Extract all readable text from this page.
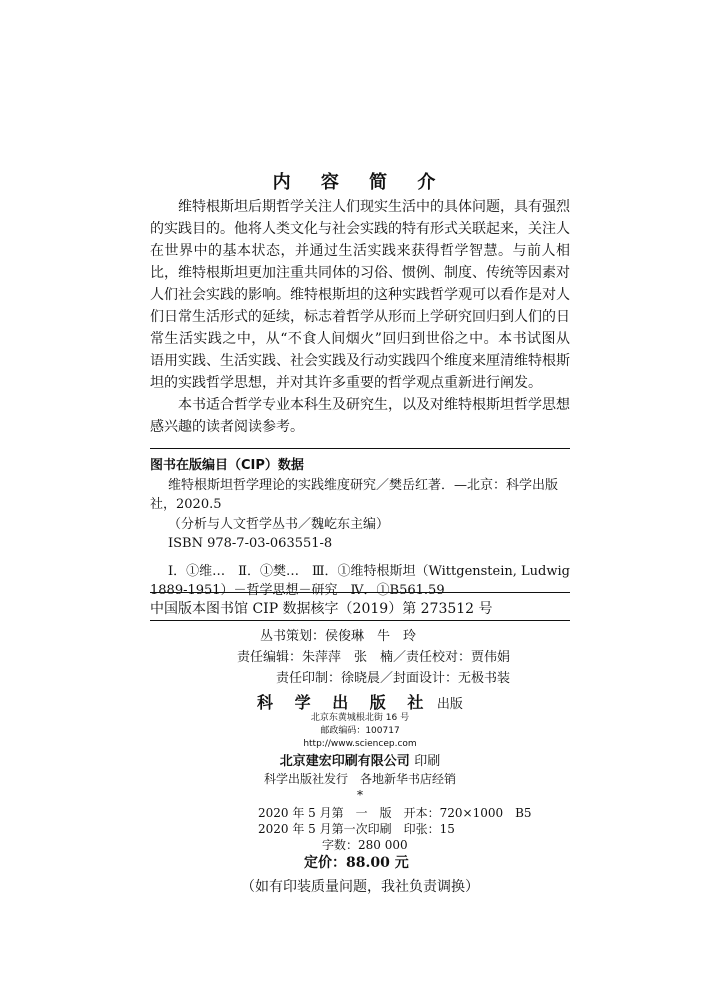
内 容 简 介

维特根斯坦后期哲学关注人们现实生活中的具体问题，具有强烈的实践目的。他将人类文化与社会实践的特有形式关联起来，关注人在世界中的基本状态，并通过生活实践来获得哲学智慧。与前人相比，维特根斯坦更加注重共同体的习俗、惯例、制度、传统等因素对人们社会实践的影响。维特根斯坦的这种实践哲学观可以看作是对人们日常生活形式的延续，标志着哲学从形而上学研究回归到人们的日常生活实践之中，从“不食人间烟火”回归到世俗之中。本书试图从语用实践、生活实践、社会实践及行动实践四个维度来厘清维特根斯坦的实践哲学思想，并对其许多重要的哲学观点重新进行阐发。

本书适合哲学专业本科生及研究生，以及对维特根斯坦哲学思想感兴趣的读者阅读参考。

图书在版编目（CIP）数据
维特根斯坦哲学理论的实践维度研究／樊岳红著．—北京：科学出版
社，2020.5
（分析与人文哲学丛书／魏屹东主编）
ISBN 978-7-03-063551-8
Ⅰ．①维…　Ⅱ．①樊…　Ⅲ．①维特根斯坦（Wittgenstein, Ludwig
1889-1951）－哲学思想－研究　Ⅳ．①B561.59
中国版本图书馆 CIP 数据核字（2019）第 273512 号
丛书策划：侯俊琳　牛　玲
责任编辑：朱萍萍　张　楠／责任校对：贾伟娟
责任印制：徐晓晨／封面设计：无极书装
科 学 出 版 社 出版
北京东黄城根北街 16 号
邮政编码：100717
http://www.sciencep.com
北京建宏印刷有限公司 印刷
科学出版社发行　各地新华书店经销
*
2020 年 5 月第　一　版　开本：720×1000　B5
2020 年 5 月第一次印刷　印张：15
字数：280 000
定价：88.00 元
（如有印装质量问题，我社负责调换）
